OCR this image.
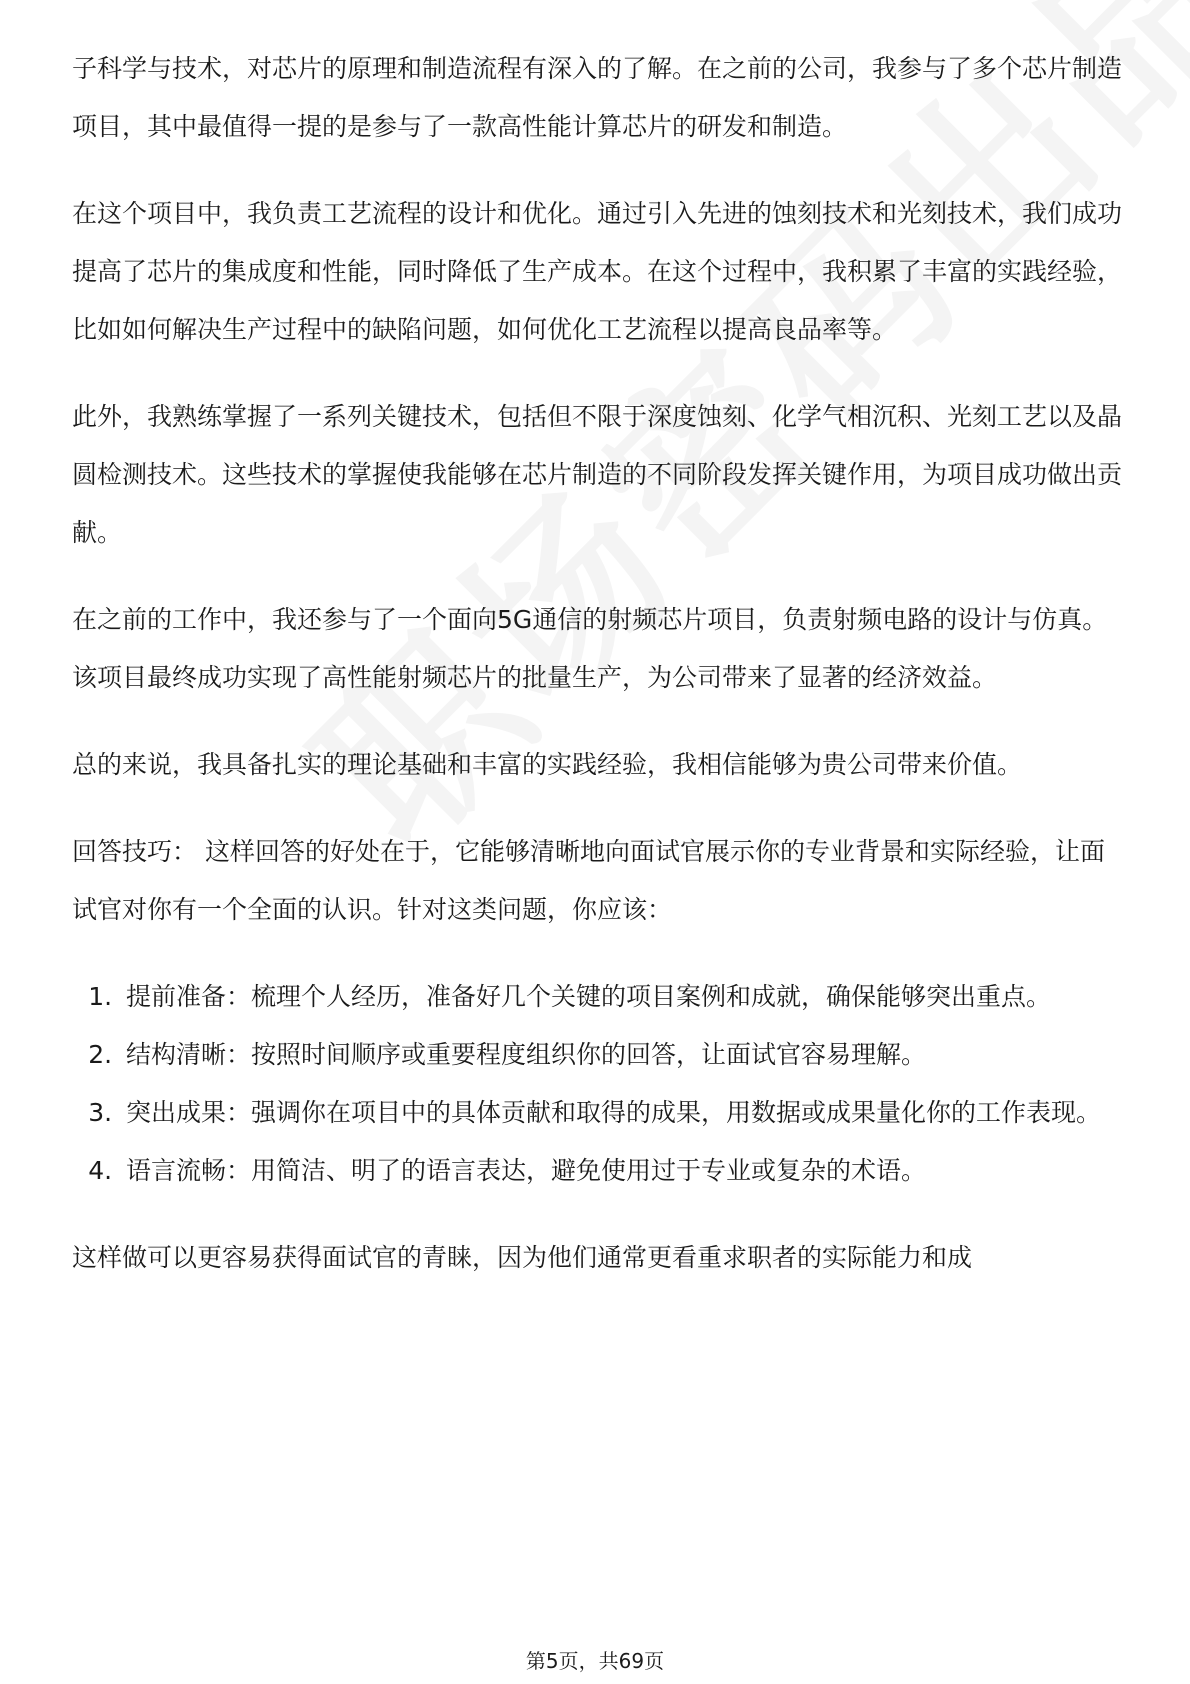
子科学与技术，对芯片的原理和制造流程有深入的了解。在之前的公司，我参与了多个芯片制造项目，其中最值得一提的是参与了一款高性能计算芯片的研发和制造。

在这个项目中，我负责工艺流程的设计和优化。通过引入先进的蚀刻技术和光刻技术，我们成功提高了芯片的集成度和性能，同时降低了生产成本。在这个过程中，我积累了丰富的实践经验，比如如何解决生产过程中的缺陷问题，如何优化工艺流程以提高良品率等。

此外，我熟练掌握了一系列关键技术，包括但不限于深度蚀刻、化学气相沉积、光刻工艺以及晶圆检测技术。这些技术的掌握使我能够在芯片制造的不同阶段发挥关键作用，为项目成功做出贡献。

在之前的工作中，我还参与了一个面向5G通信的射频芯片项目，负责射频电路的设计与仿真。该项目最终成功实现了高性能射频芯片的批量生产，为公司带来了显著的经济效益。

总的来说，我具备扎实的理论基础和丰富的实践经验，我相信能够为贵公司带来价值。

回答技巧： 这样回答的好处在于，它能够清晰地向面试官展示你的专业背景和实际经验，让面试官对你有一个全面的认识。针对这类问题，你应该：

1. 提前准备：梳理个人经历，准备好几个关键的项目案例和成就，确保能够突出重点。
2. 结构清晰：按照时间顺序或重要程度组织你的回答，让面试官容易理解。
3. 突出成果：强调你在项目中的具体贡献和取得的成果，用数据或成果量化你的工作表现。
4. 语言流畅：用简洁、明了的语言表达，避免使用过于专业或复杂的术语。

这样做可以更容易获得面试官的青睐，因为他们通常更看重求职者的实际能力和成

第5页，共69页
